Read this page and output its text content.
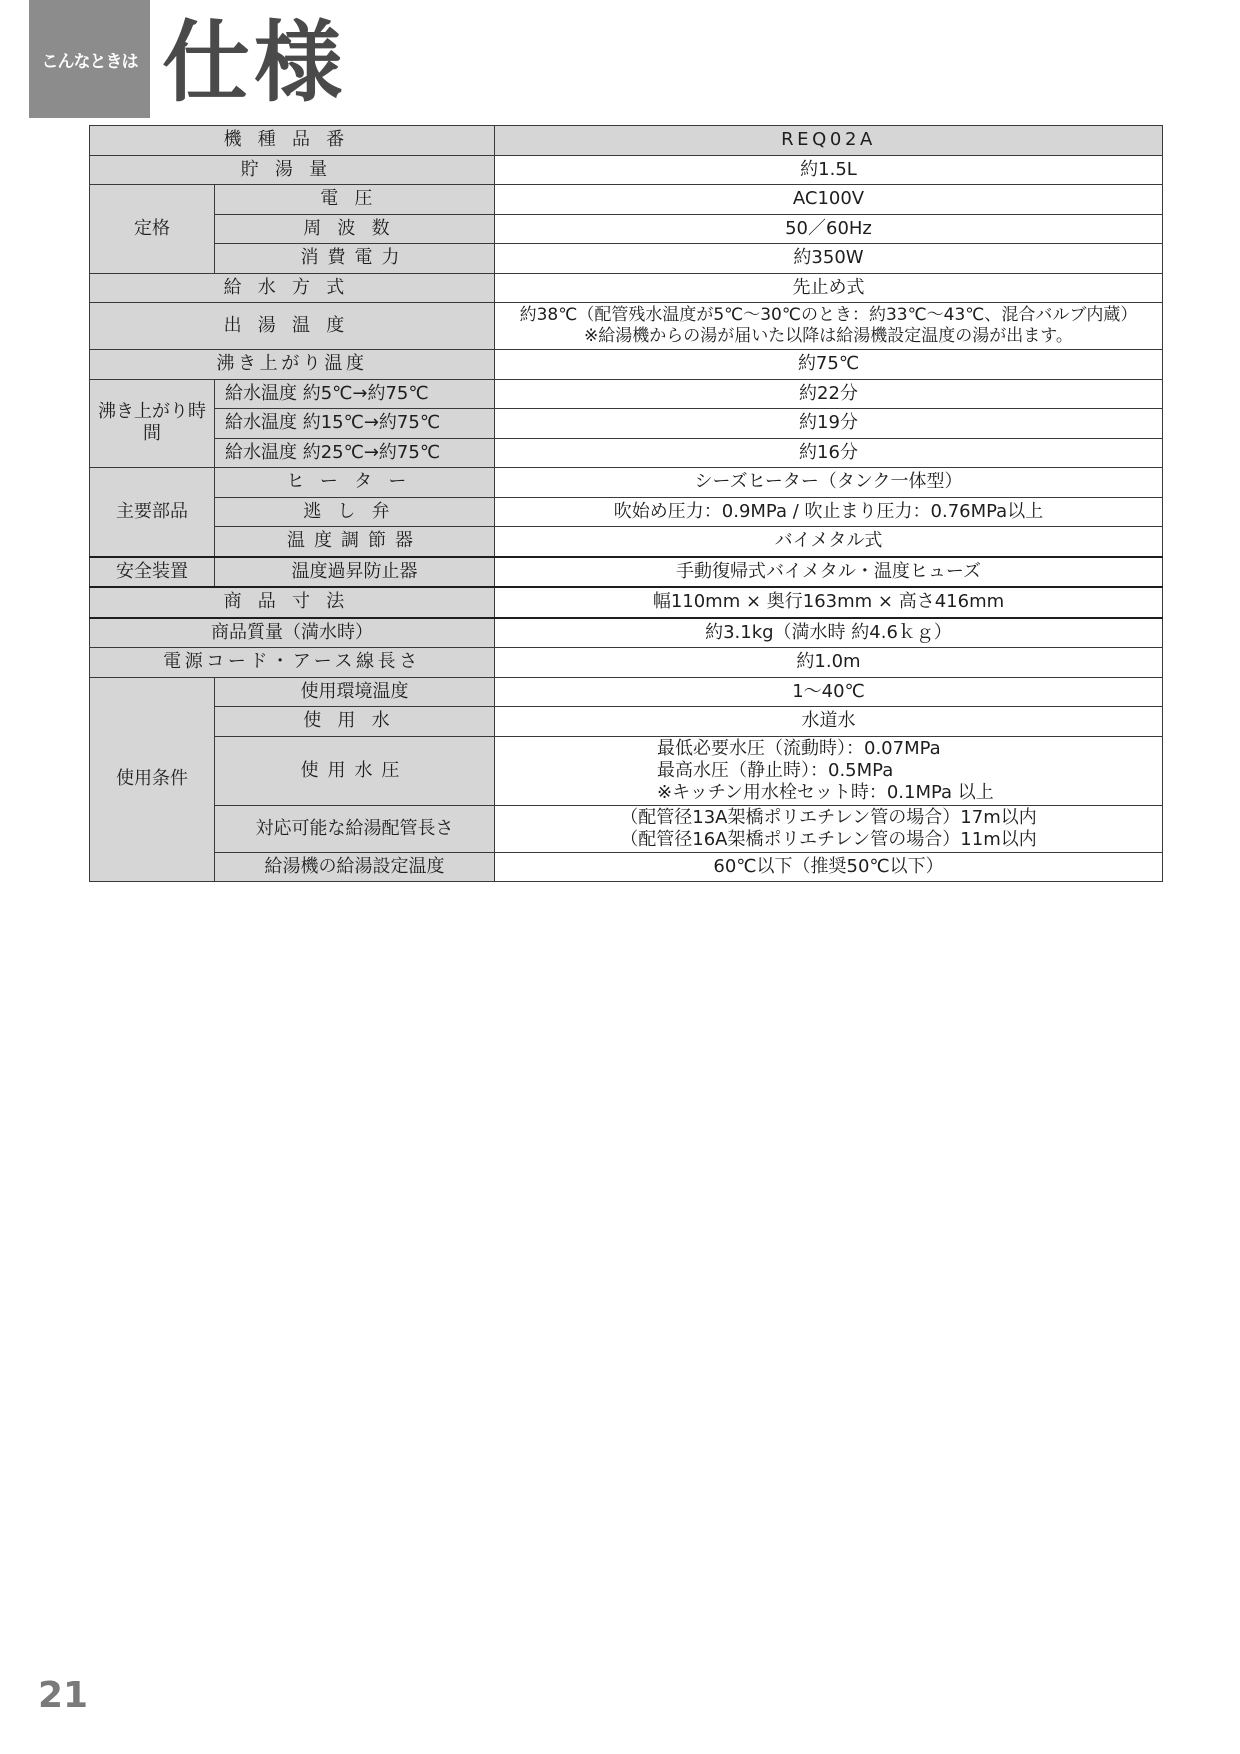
こんなときは 仕様
機種品番		REQ02A
貯湯量		約1.5L
定格	電圧	AC100V
	周波数	50／60Hz
	消費電力	約350W
給水方式		先止め式
出湯温度		約38℃（配管残水温度が5℃～30℃のとき：約33℃～43℃、混合バルブ内蔵）
※給湯機からの湯が届いた以降は給湯機設定温度の湯が出ます。

沸き上がり温度		約75℃
沸き上がり時間	給水温度 約5℃→約75℃	約22分
	給水温度 約15℃→約75℃	約19分
	給水温度 約25℃→約75℃	約16分
主要部品	ヒーター	シーズヒーター（タンク一体型）
	逃し弁	吹始め圧力：0.9MPa / 吹止まり圧力：0.76MPa以上
	温度調節器	バイメタル式
安全装置	温度過昇防止器	手動復帰式バイメタル・温度ヒューズ
商品寸法		幅110mm × 奥行163mm × 高さ416mm
商品質量（満水時）		約3.1kg（満水時 約4.6ｋｇ）
電源コード・アース線長さ		約1.0m
使用条件	使用環境温度	1～40℃
	使用水	水道水
	使用水圧	最低必要水圧（流動時）：0.07MPa
最高水圧（静止時）：0.5MPa
※キッチン用水栓セット時：0.1MPa 以上

	対応可能な給湯配管長さ	（配管径13A架橋ポリエチレン管の場合）17m以内
（配管径16A架橋ポリエチレン管の場合）11m以内

	給湯機の給湯設定温度	60℃以下（推奨50℃以下）
21
